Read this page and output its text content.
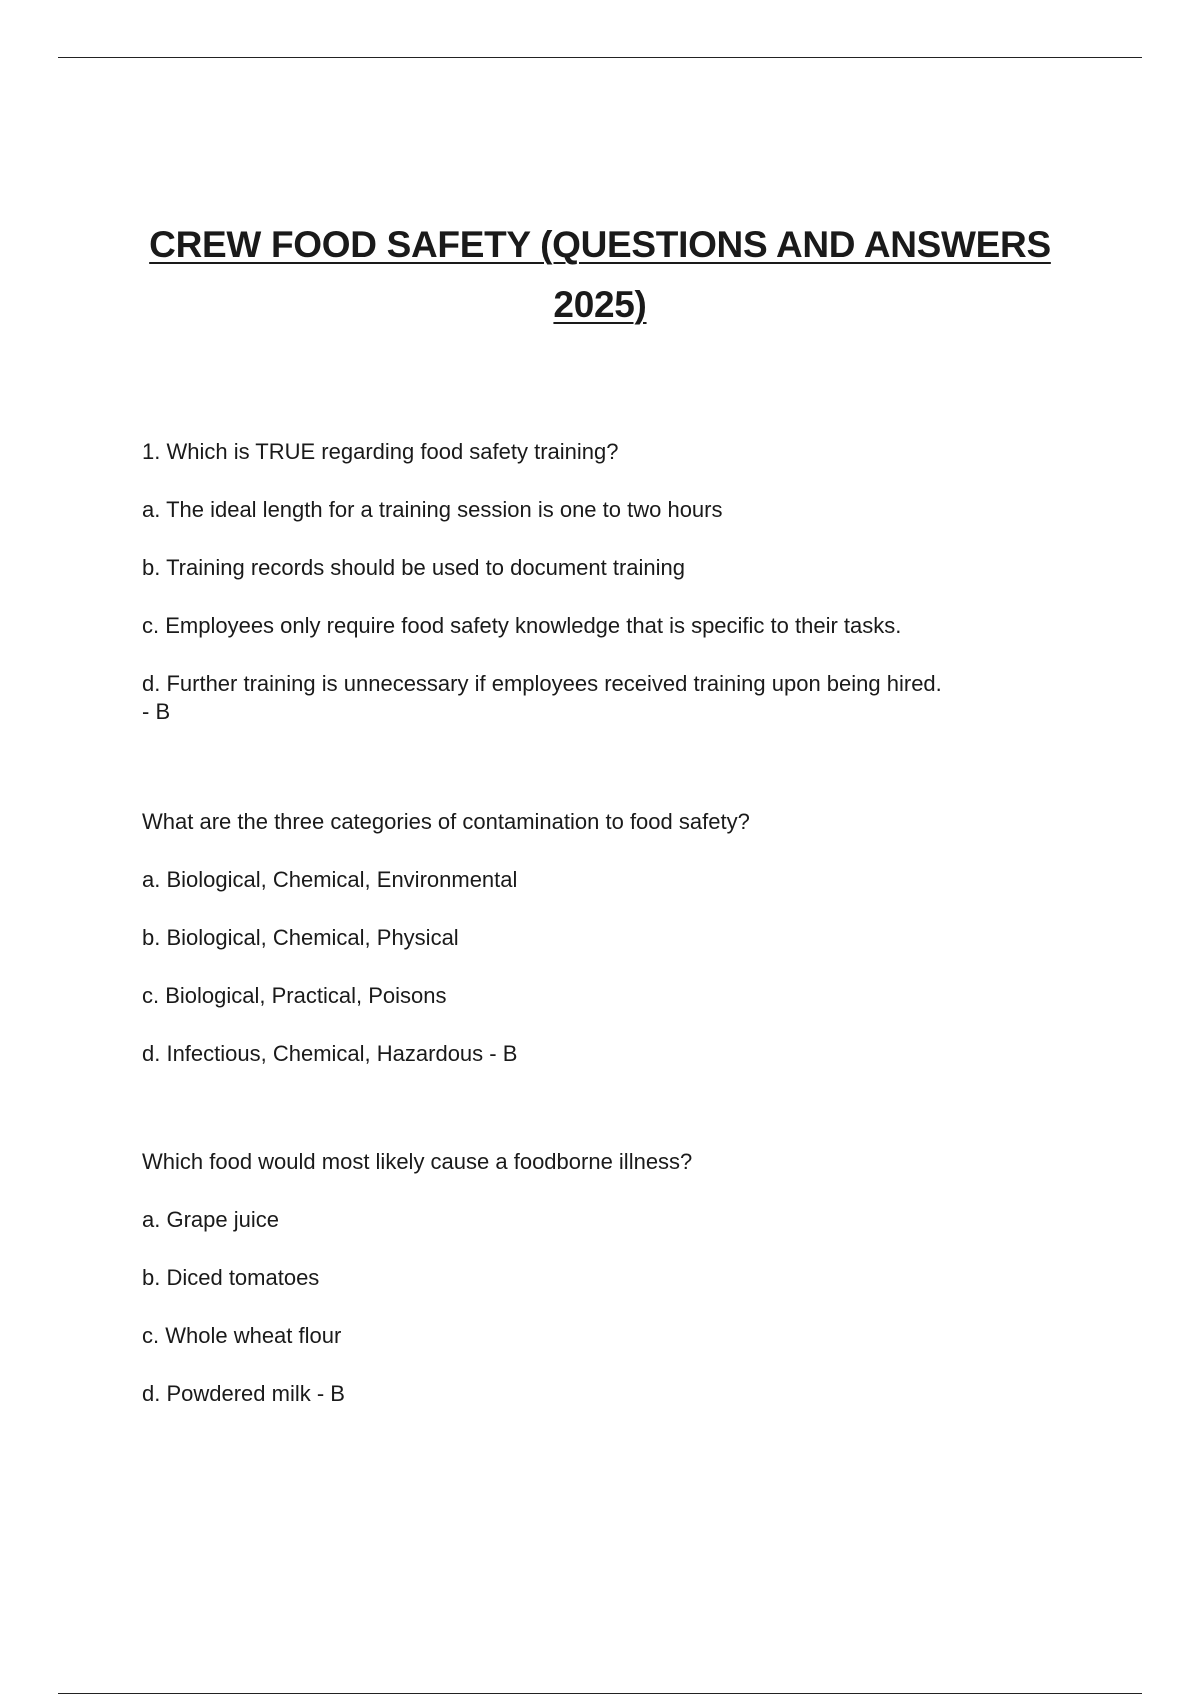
CREW FOOD SAFETY (QUESTIONS AND ANSWERS
2025)

1. Which is TRUE regarding food safety training?

a. The ideal length for a training session is one to two hours

b. Training records should be used to document training

c. Employees only require food safety knowledge that is specific to their tasks.

d. Further training is unnecessary if employees received training upon being hired.
- B

What are the three categories of contamination to food safety?

a. Biological, Chemical, Environmental

b. Biological, Chemical, Physical

c. Biological, Practical, Poisons

d. Infectious, Chemical, Hazardous - B

Which food would most likely cause a foodborne illness?

a. Grape juice

b. Diced tomatoes

c. Whole wheat flour

d. Powdered milk - B
